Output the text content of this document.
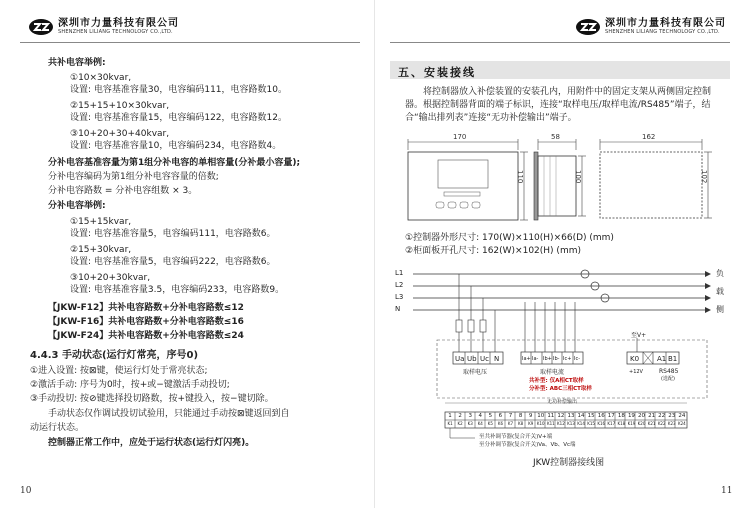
深圳市力量科技有限公司
SHENZHEN LILIANG TECHNOLOGY CO.,LTD.
共补电容举例:
①10×30kvar,
设置: 电容基准容量30，电容编码111，电容路数10。
②15+15+10×30kvar,
设置: 电容基准容量15，电容编码122，电容路数12。
③10+20+30+40kvar,
设置: 电容基准容量10，电容编码234，电容路数4。
分补电容基准容量为第1组分补电容的单相容量(分补最小容量);
分补电容编码为第1组分补电容容量的倍数;
分补电容路数 = 分补电容组数 × 3。
分补电容举例:
①15+15kvar,
设置: 电容基准容量5，电容编码111，电容路数6。
②15+30kvar,
设置: 电容基准容量5，电容编码222，电容路数6。
③10+20+30kvar,
设置: 电容基准容量3.5，电容编码233，电容路数9。
【JKW-F12】共补电容路数+分补电容路数≤12
【JKW-F16】共补电容路数+分补电容路数≤16
【JKW-F24】共补电容路数+分补电容路数≤24
4.4.3 手动状态(运行灯常亮，序号0)
①进入设置: 按⊠键，使运行灯处于常亮状态;
②激活手动: 序号为0时，按+或−键激活手动投切;
③手动投切: 按⊘键选择投切路数，按+键投入，按−键切除。
手动状态仅作调试投切试验用，只能通过手动按⊠键返回到自
动运行状态。
控制器正常工作中，应处于运行状态(运行灯闪亮)。
10
深圳市力量科技有限公司
SHENZHEN LILIANG TECHNOLOGY CO.,LTD.
五、安装接线
将控制器放入补偿装置的安装孔内，用附件中的固定支架从两侧固定控制器。根据控制器背面的端子标识，连接“取样电压/取样电流/RS485”端子，结合“输出排列表”连接“无功补偿输出”端子。
170
110
58
100
162
102
①控制器外形尺寸: 170(W)×110(H)×66(D) (mm)
②柜面板开孔尺寸: 162(W)×102(H) (mm)
L1
L2
L3
N
负
载
侧
Ua Ub Uc N
取样电压
Ia+ Ia- Ib+ Ib- Ic+ Ic-
取样电流
共补型: 仅A相CT取样
分补型: ABC三相CT取样
至V+
K0	A1 B1
+12V	RS485
(选配)
无功补偿输出
1	2	3	4	5	6	7	8	9 10 11 12 13 14 15 16 17 18 19 20 21 22 23 24
K1	K2	K3	K4	K5	K6	K7	K8	K9 K10 K11 K12 K13 K14 K15 K16 K17 K18 K19 K20 K21 K22 K23 K24
至共补调节器(复合开关)V+端
至分补调节器(复合开关)Va、Vb、Vc端
JKW控制器接线图
11
